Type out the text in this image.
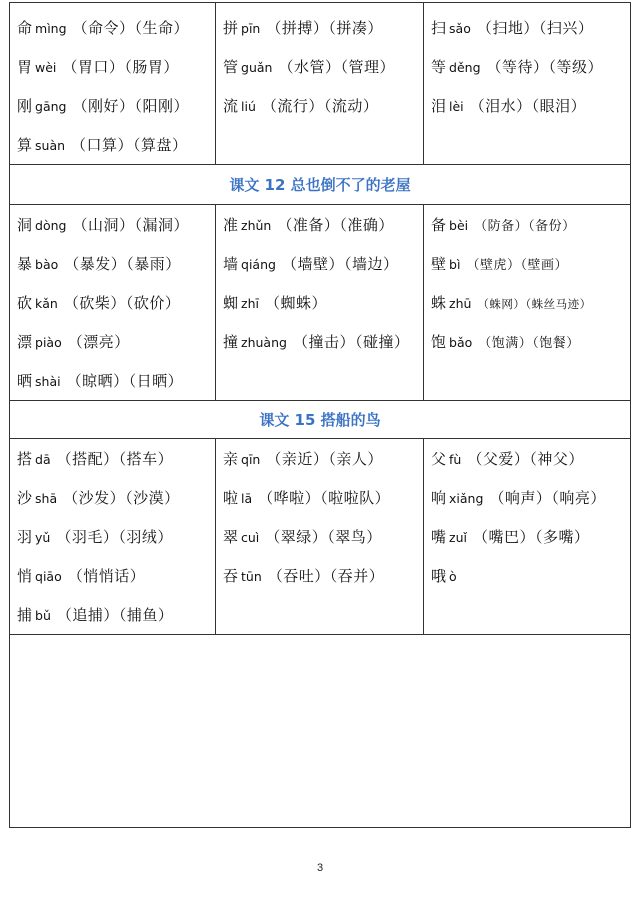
命 mìng （命令）（生命）
胃 wèi （胃口）（肠胃）
刚 gāng （刚好）（阳刚）
算 suàn （口算）（算盘）
拼 pīn （拼搏）（拼凑）
管 guǎn （水管）（管理）
流 liú （流行）（流动）
扫 sǎo （扫地）（扫兴）
等 děng （等待）（等级）
泪 lèi （泪水）（眼泪）
课文 12 总也倒不了的老屋
洞 dòng （山洞）（漏洞）
暴 bào （暴发）（暴雨）
砍 kǎn （砍柴）（砍价）
漂 piào （漂亮）
晒 shài （晾晒）（日晒）
准 zhǔn （准备）（准确）
墙 qiáng （墙壁）（墙边）
蜘 zhī （蜘蛛）
撞 zhuàng （撞击）（碰撞）
备 bèi （防备）（备份）
壁 bì （壁虎）（壁画）
蛛 zhū （蛛网）（蛛丝马迹）
饱 bǎo （饱满）（饱餐）
课文 15 搭船的鸟
搭 dā （搭配）（搭车）
沙 shā （沙发）（沙漠）
羽 yǔ （羽毛）（羽绒）
悄 qiāo （悄悄话）
捕 bǔ （追捕）（捕鱼）
亲 qīn （亲近）（亲人）
啦 lā （哗啦）（啦啦队）
翠 cuì （翠绿）（翠鸟）
吞 tūn （吞吐）（吞并）
父 fù （父爱）（神父）
响 xiǎng （响声）（响亮）
嘴 zuǐ （嘴巴）（多嘴）
哦 ò
3
